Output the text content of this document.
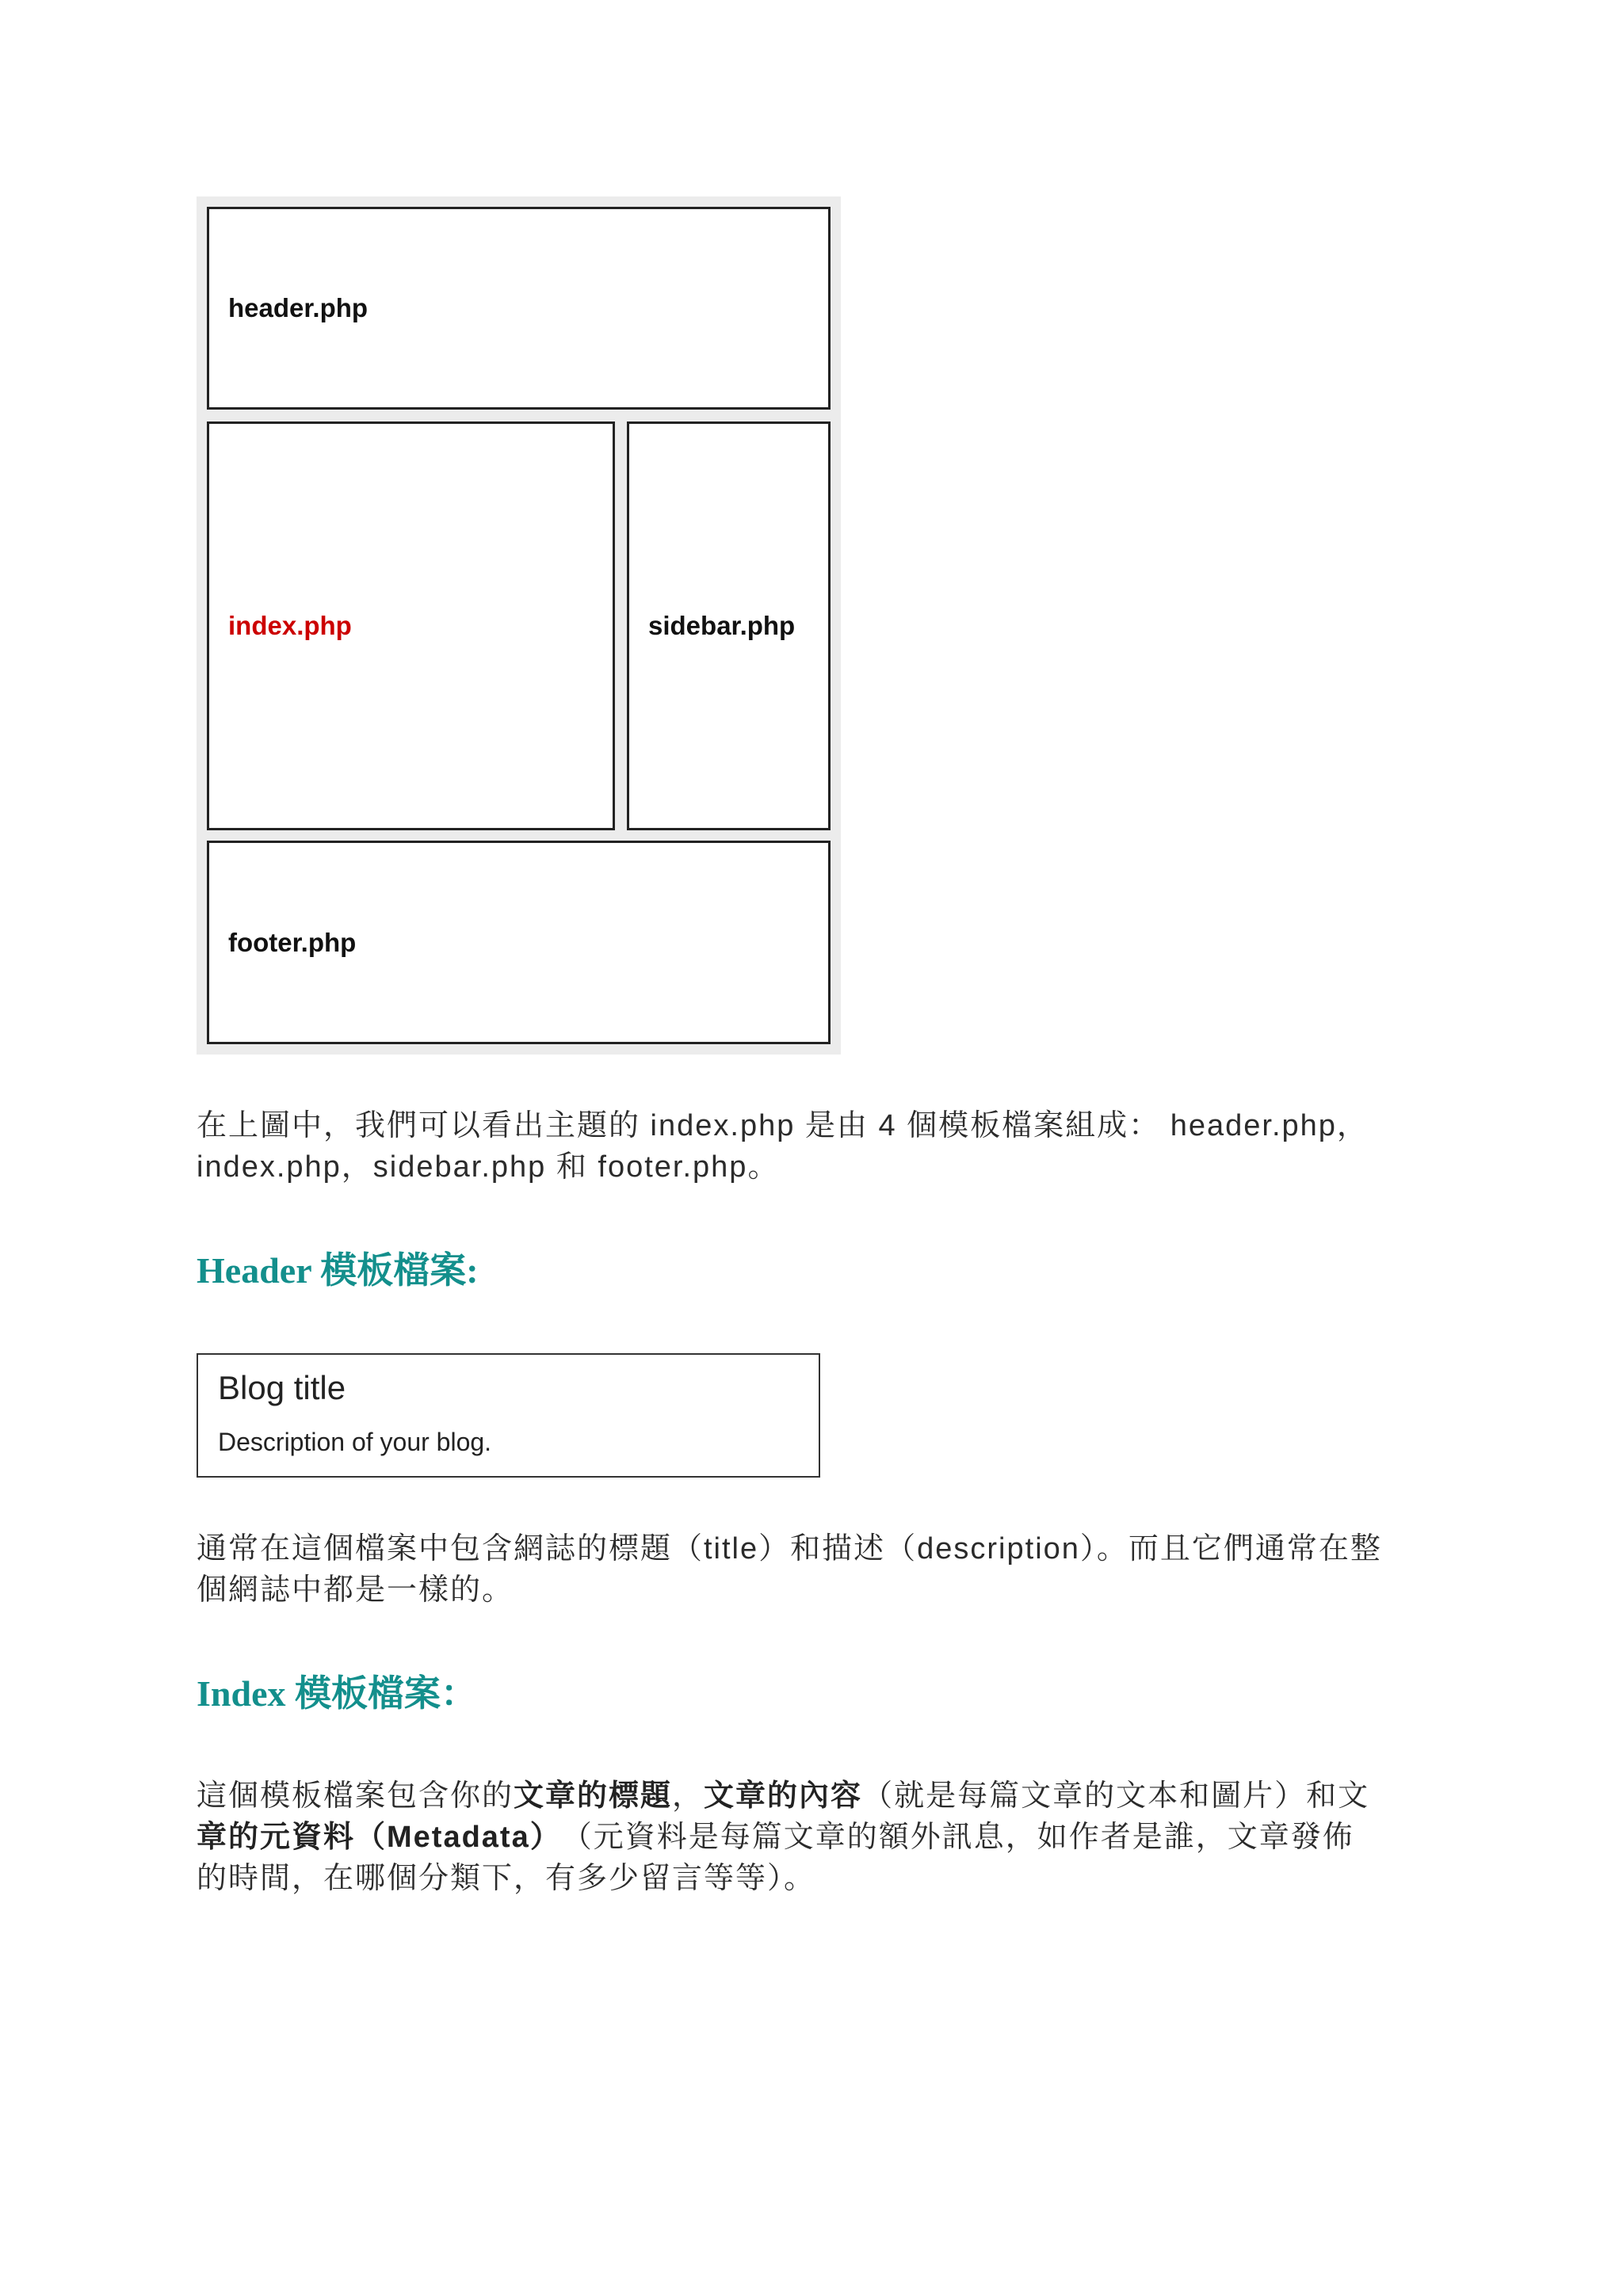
header.php
index.php	sidebar.php
footer.php
在上圖中，我們可以看出主題的 index.php 是由 4 個模板檔案組成： header.php，
index.php，sidebar.php 和 footer.php。
Header 模板檔案:
Blog title
Description of your blog.
通常在這個檔案中包含網誌的標題（title）和描述（description）。而且它們通常在整
個網誌中都是一樣的。
Index 模板檔案：
這個模板檔案包含你的 文章的標題 ， 文章的內容 （就是每篇文章的文本和圖片）和文
章的元資料（Metadata） （元資料是每篇文章的額外訊息，如作者是誰，文章發佈
的時間，在哪個分類下，有多少留言等等）。
